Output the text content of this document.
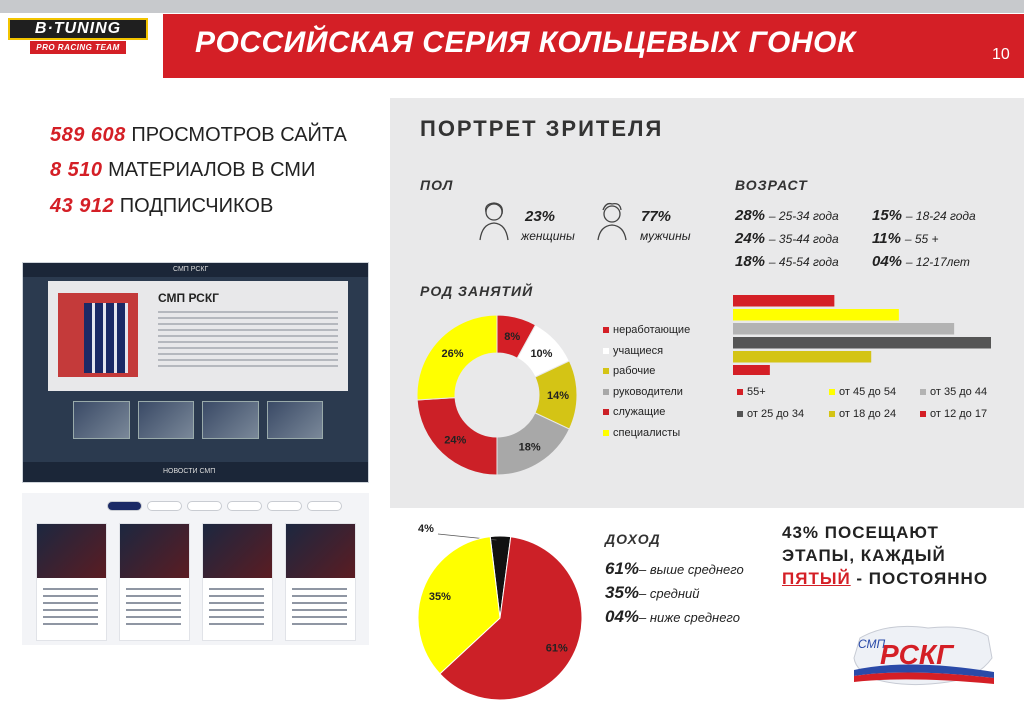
B·TUNING
PRO RACING TEAM	РОССИЙСКАЯ СЕРИЯ КОЛЬЦЕВЫХ ГОНОК	10
589 608 ПРОСМОТРОВ САЙТА
8 510 МАТЕРИАЛОВ В СМИ
43 912 ПОДПИСЧИКОВ
СМП РСКГ
СМП РСКГ
НОВОСТИ СМП
ПОРТРЕТ ЗРИТЕЛЯ
ПОЛ
23%
женщины
77%
мужчины
ВОЗРАСТ
28% – 25-34 года
24% – 35-44 года
18% – 45-54 года
15% – 18-24 года
11% – 55 +
04% – 12-17лет
РОД ЗАНЯТИЙ
8%
10%
14%
18%
24%
26%
неработающие
учащиеся
рабочие
руководители
служащие
специалисты
55+	от 45 до 54	от 35 до 44
от 25 до 34	от 18 до 24	от 12 до 17
4%
61%
35%
ДОХОД
61%– выше среднего
35%– средний
04%– ниже среднего
43% ПОСЕЩАЮТ
ЭТАПЫ, КАЖДЫЙ
ПЯТЫЙ - ПОСТОЯННО
СМП
РСКГ
